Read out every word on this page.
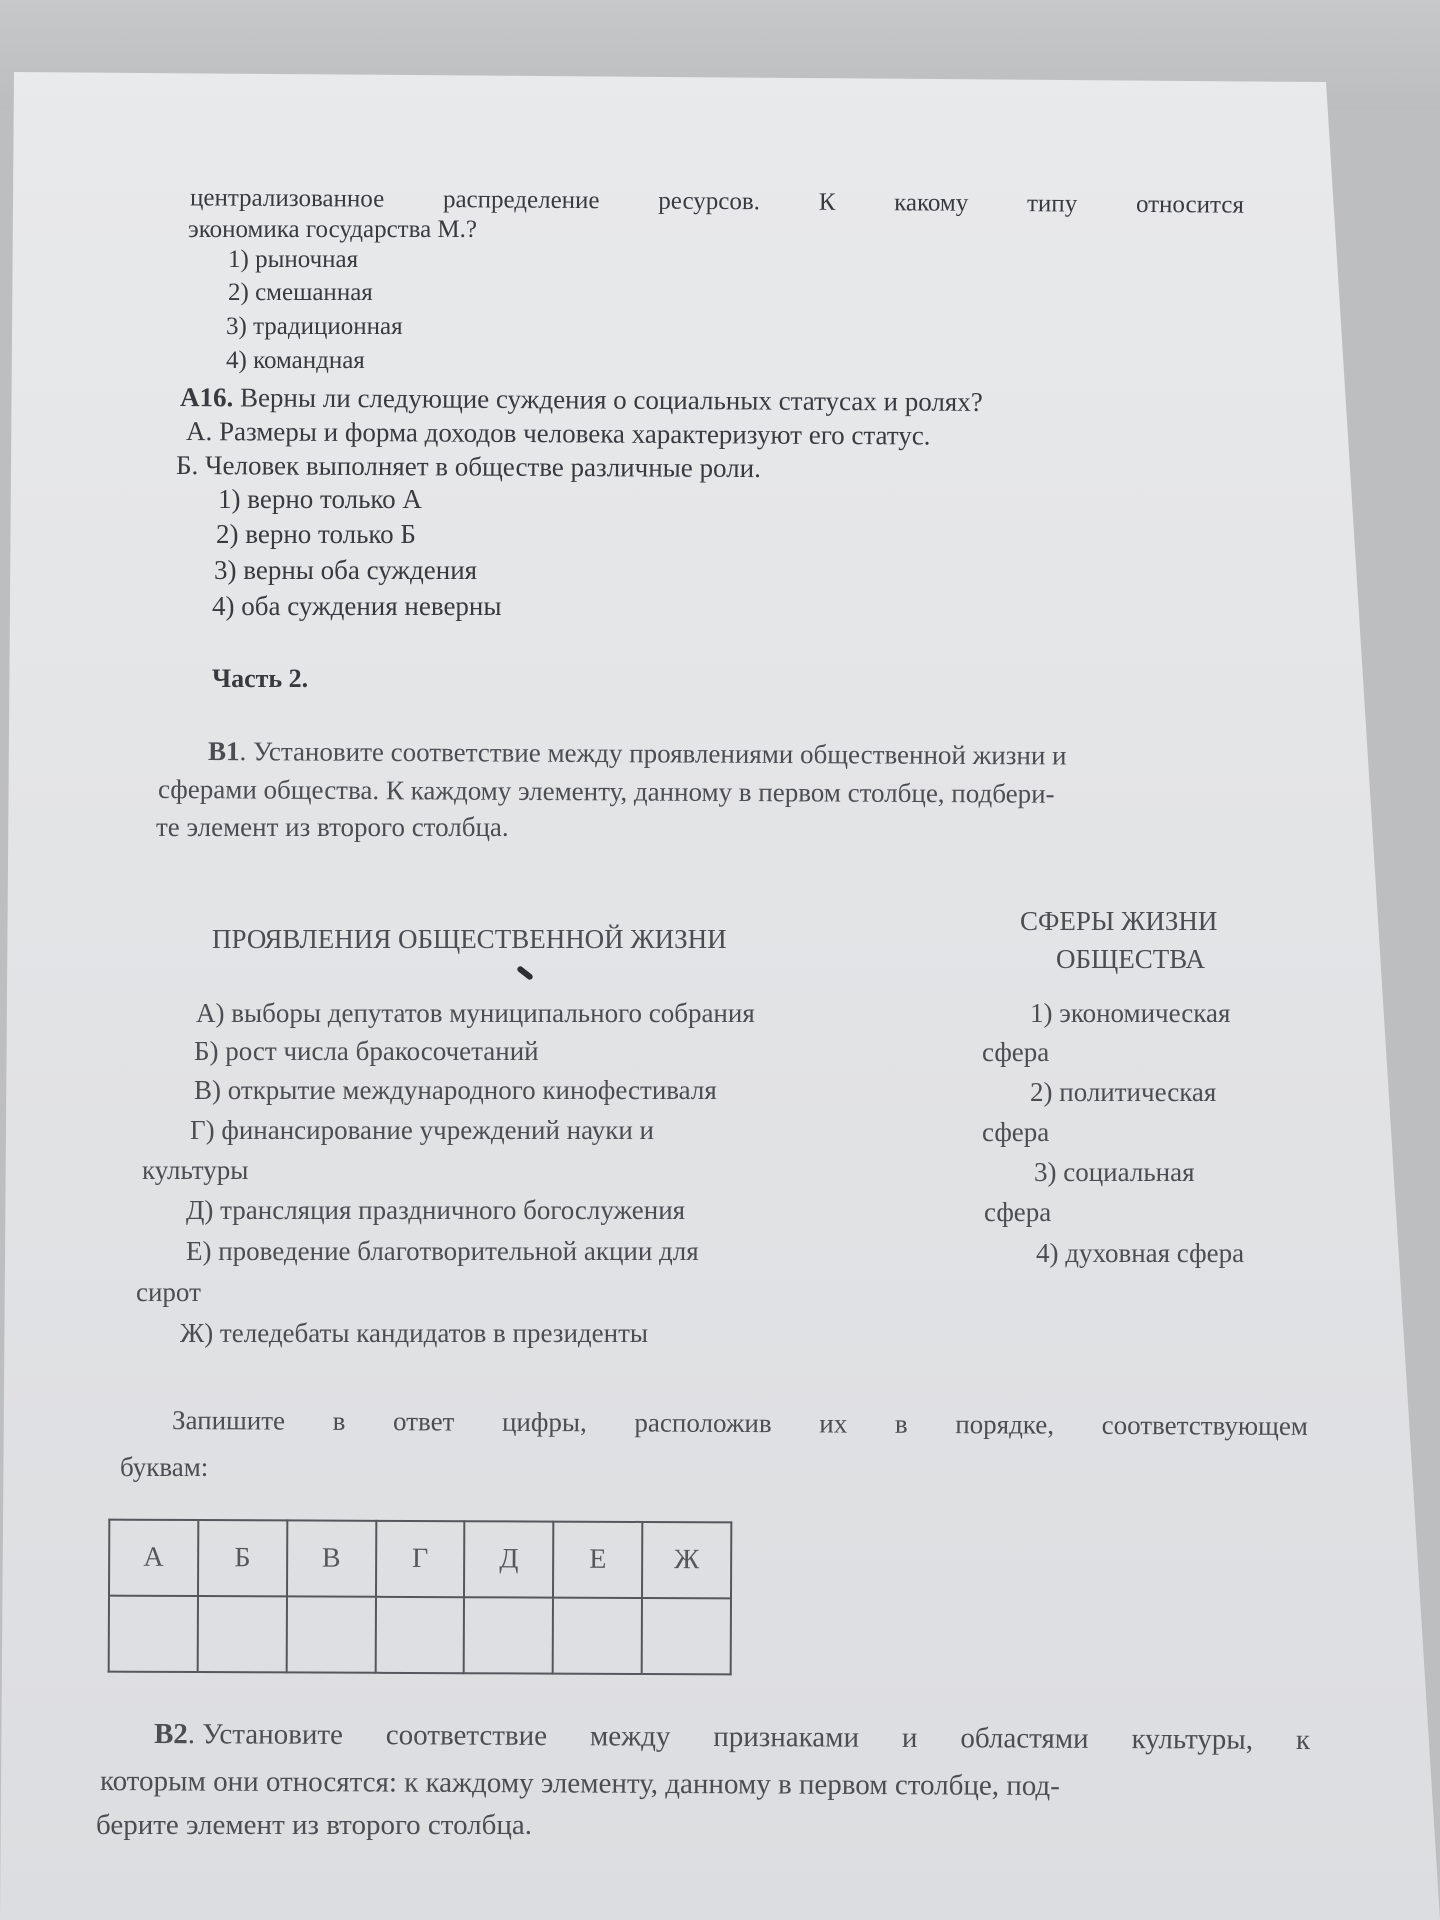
централизованное распределение ресурсов. К какому типу относится
экономика государства М.?
1) рыночная
2) смешанная
3) традиционная
4) командная
А16. Верны ли следующие суждения о социальных статусах и ролях?
А. Размеры и форма доходов человека характеризуют его статус.
Б. Человек выполняет в обществе различные роли.
1) верно только А
2) верно только Б
3) верны оба суждения
4) оба суждения неверны
Часть 2.
В1. Установите соответствие между проявлениями общественной жизни и
сферами общества. К каждому элементу, данному в первом столбце, подбери-
те элемент из второго столбца.
ПРОЯВЛЕНИЯ ОБЩЕСТВЕННОЙ ЖИЗНИ
СФЕРЫ ЖИЗНИ
ОБЩЕСТВА
А) выборы депутатов муниципального собрания
Б) рост числа бракосочетаний
В) открытие международного кинофестиваля
Г) финансирование учреждений науки и
культуры
Д) трансляция праздничного богослужения
Е) проведение благотворительной акции для
сирот
Ж) теледебаты кандидатов в президенты
1) экономическая
сфера
2) политическая
сфера
3) социальная
сфера
4) духовная сфера
Запишите в ответ цифры, расположив их в порядке, соответствующем
буквам:
А	Б	В	Г	Д	Е	Ж

В2. Установите соответствие между признаками и областями культуры, к
которым они относятся: к каждому элементу, данному в первом столбце, под-
берите элемент из второго столбца.
